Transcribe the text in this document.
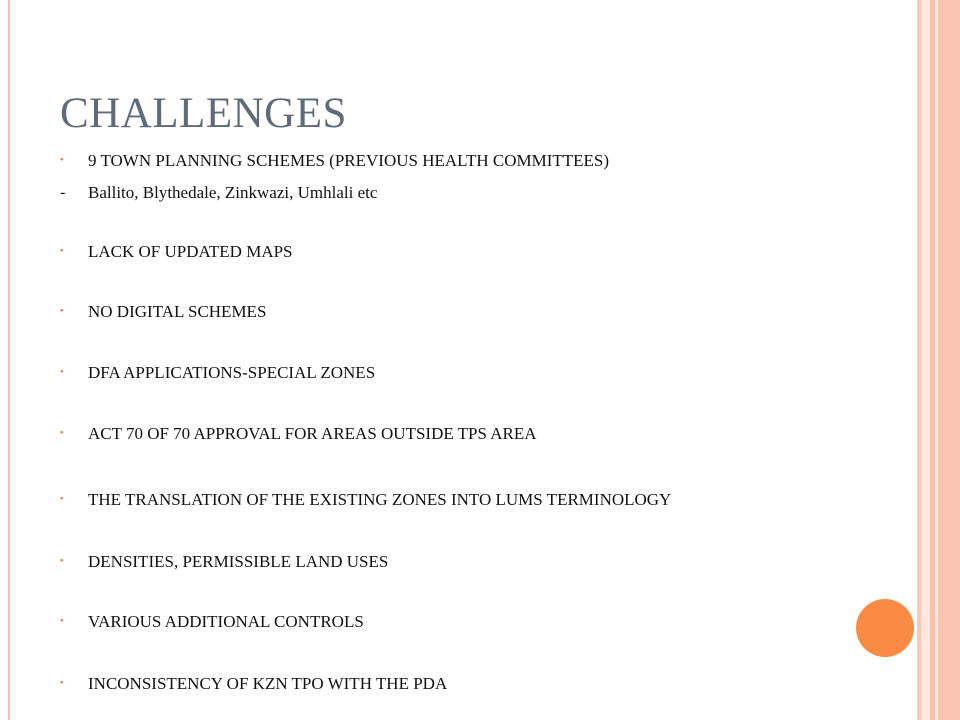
CHALLENGES
•	9 TOWN PLANNING SCHEMES (PREVIOUS HEALTH COMMITTEES)
-	Ballito, Blythedale, Zinkwazi, Umhlali etc
•	LACK OF UPDATED MAPS
•	NO DIGITAL SCHEMES
•	DFA APPLICATIONS-SPECIAL ZONES
•	ACT 70 OF 70 APPROVAL FOR AREAS OUTSIDE TPS AREA
•	THE TRANSLATION OF THE EXISTING ZONES INTO LUMS TERMINOLOGY
•	DENSITIES, PERMISSIBLE LAND USES
•	VARIOUS ADDITIONAL CONTROLS
•	INCONSISTENCY OF KZN TPO WITH THE PDA
